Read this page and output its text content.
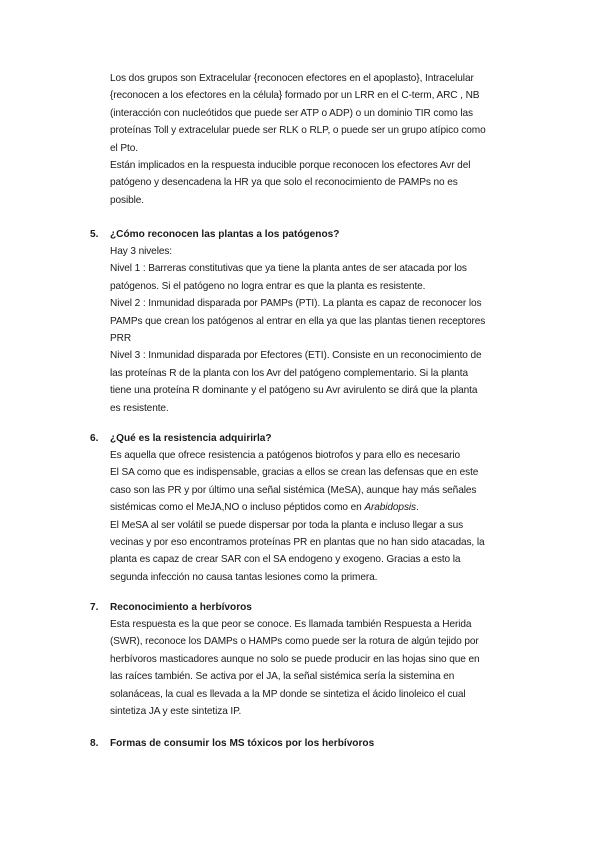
Los dos grupos son Extracelular {reconocen efectores en el apoplasto}, Intracelular
{reconocen a los efectores en la célula} formado por un LRR en el C-term, ARC , NB
(interacción con nucleótidos que puede ser ATP o ADP) o un dominio TIR como las
proteínas Toll y extracelular puede ser RLK o RLP, o puede ser un grupo atípico como
el Pto.
Están implicados en la respuesta inducible porque reconocen los efectores Avr del
patógeno y desencadena la HR ya que solo el reconocimiento de PAMPs no es
posible.
5. ¿Cómo reconocen las plantas a los patógenos?
Hay 3 niveles:
Nivel 1 : Barreras constitutivas que ya tiene la planta antes de ser atacada por los
patógenos. Si el patógeno no logra entrar es que la planta es resistente.
Nivel 2 : Inmunidad disparada por PAMPs (PTI). La planta es capaz de reconocer los
PAMPs que crean los patógenos al entrar en ella ya que las plantas tienen receptores
PRR
Nivel 3 : Inmunidad disparada por Efectores (ETI). Consiste en un reconocimiento de
las proteínas R de la planta con los Avr del patógeno complementario. Si la planta
tiene una proteína R dominante y el patógeno su Avr avirulento se dirá que la planta
es resistente.
6. ¿Qué es la resistencia adquirirla?
Es aquella que ofrece resistencia a patógenos biotrofos y para ello es necesario
El SA como que es indispensable, gracias a ellos se crean las defensas que en este
caso son las PR y por último una señal sistémica (MeSA), aunque hay más señales
sistémicas como el MeJA,NO o incluso péptidos como en Arabidopsis.
El MeSA al ser volátil se puede dispersar por toda la planta e incluso llegar a sus
vecinas y por eso encontramos proteínas PR en plantas que no han sido atacadas, la
planta es capaz de crear SAR con el SA endogeno y exogeno. Gracias a esto la
segunda infección no causa tantas lesiones como la primera.
7. Reconocimiento a herbívoros
Esta respuesta es la que peor se conoce. Es llamada también Respuesta a Herida
(SWR), reconoce los DAMPs o HAMPs como puede ser la rotura de algún tejido por
herbívoros masticadores aunque no solo se puede producir en las hojas sino que en
las raíces también. Se activa por el JA, la señal sistémica sería la sistemina en
solanáceas, la cual es llevada a la MP donde se sintetiza el ácido linoleico el cual
sintetiza JA y este sintetiza IP.
8. Formas de consumir los MS tóxicos por los herbívoros
